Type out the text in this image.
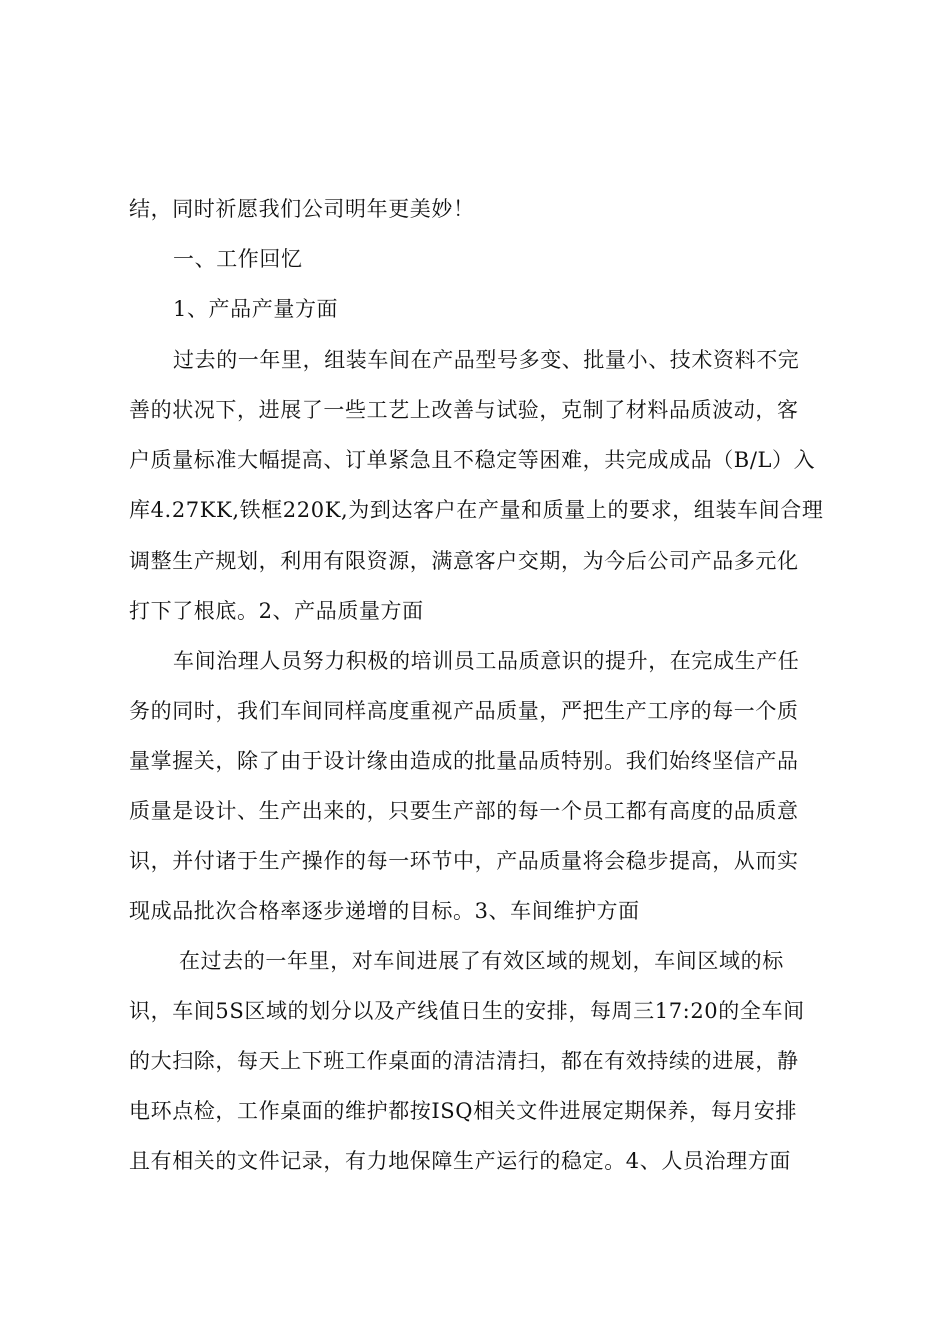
结，同时祈愿我们公司明年更美妙！
一、工作回忆
1、产品产量方面
过去的一年里，组装车间在产品型号多变、批量小、技术资料不完
善的状况下，进展了一些工艺上改善与试验，克制了材料品质波动，客
户质量标准大幅提高、订单紧急且不稳定等困难，共完成成品（B/L）入
库4.27KK,铁框220K,为到达客户在产量和质量上的要求，组装车间合理
调整生产规划，利用有限资源，满意客户交期，为今后公司产品多元化
打下了根底。2、产品质量方面
车间治理人员努力积极的培训员工品质意识的提升，在完成生产任
务的同时，我们车间同样高度重视产品质量，严把生产工序的每一个质
量掌握关，除了由于设计缘由造成的批量品质特别。我们始终坚信产品
质量是设计、生产出来的，只要生产部的每一个员工都有高度的品质意
识，并付诸于生产操作的每一环节中，产品质量将会稳步提高，从而实
现成品批次合格率逐步递增的目标。3、车间维护方面
在过去的一年里，对车间进展了有效区域的规划，车间区域的标
识，车间5S区域的划分以及产线值日生的安排，每周三17:20的全车间
的大扫除，每天上下班工作桌面的清洁清扫，都在有效持续的进展，静
电环点检，工作桌面的维护都按ISQ相关文件进展定期保养，每月安排
且有相关的文件记录，有力地保障生产运行的稳定。4、人员治理方面
